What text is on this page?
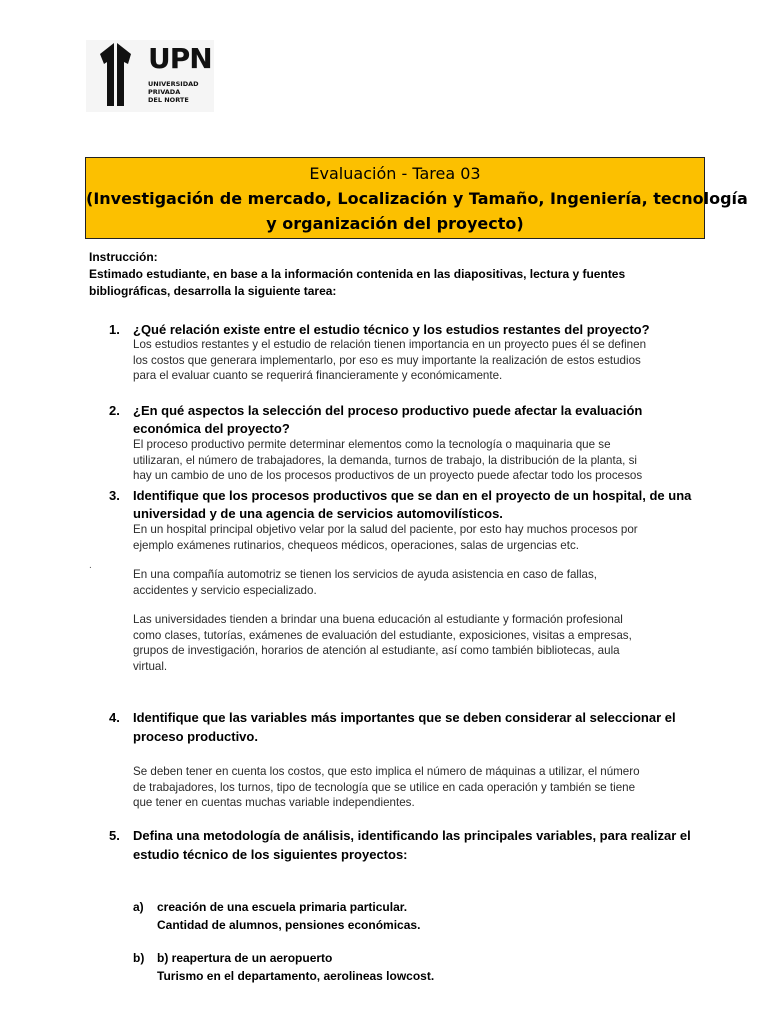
UPN
UNIVERSIDAD
PRIVADA
DEL NORTE
Evaluación - Tarea 03
(Investigación de mercado, Localización y Tamaño, Ingeniería, tecnología
y organización del proyecto)
Instrucción:
Estimado estudiante, en base a la información contenida en las diapositivas, lectura y fuentes
bibliográficas, desarrolla la siguiente tarea:
1. ¿Qué relación existe entre el estudio técnico y los estudios restantes del proyecto?
Los estudios restantes y el estudio de relación tienen importancia en un proyecto pues él se definen
los costos que generara implementarlo, por eso es muy importante la realización de estos estudios
para el evaluar cuanto se requerirá financieramente y económicamente.
2. ¿En qué aspectos la selección del proceso productivo puede afectar la evaluación
económica del proyecto?
El proceso productivo permite determinar elementos como la tecnología o maquinaria que se
utilizaran, el número de trabajadores, la demanda, turnos de trabajo, la distribución de la planta, si
hay un cambio de uno de los procesos productivos de un proyecto puede afectar todo los procesos
3. Identifique que los procesos productivos que se dan en el proyecto de un hospital, de una
universidad y de una agencia de servicios automovilísticos.
En un hospital principal objetivo velar por la salud del paciente, por esto hay muchos procesos por
ejemplo exámenes rutinarios, chequeos médicos, operaciones, salas de urgencias etc.
.
En una compañía automotriz se tienen los servicios de ayuda asistencia en caso de fallas,
accidentes y servicio especializado.
Las universidades tienden a brindar una buena educación al estudiante y formación profesional
como clases, tutorías, exámenes de evaluación del estudiante, exposiciones, visitas a empresas,
grupos de investigación, horarios de atención al estudiante, así como también bibliotecas, aula
virtual.
4. Identifique que las variables más importantes que se deben considerar al seleccionar el
proceso productivo.
Se deben tener en cuenta los costos, que esto implica el número de máquinas a utilizar, el número
de trabajadores, los turnos, tipo de tecnología que se utilice en cada operación y también se tiene
que tener en cuentas muchas variable independientes.
5. Defina una metodología de análisis, identificando las principales variables, para realizar el
estudio técnico de los siguientes proyectos:
a) creación de una escuela primaria particular.
Cantidad de alumnos, pensiones económicas.
b) b) reapertura de un aeropuerto
Turismo en el departamento, aerolineas lowcost.
